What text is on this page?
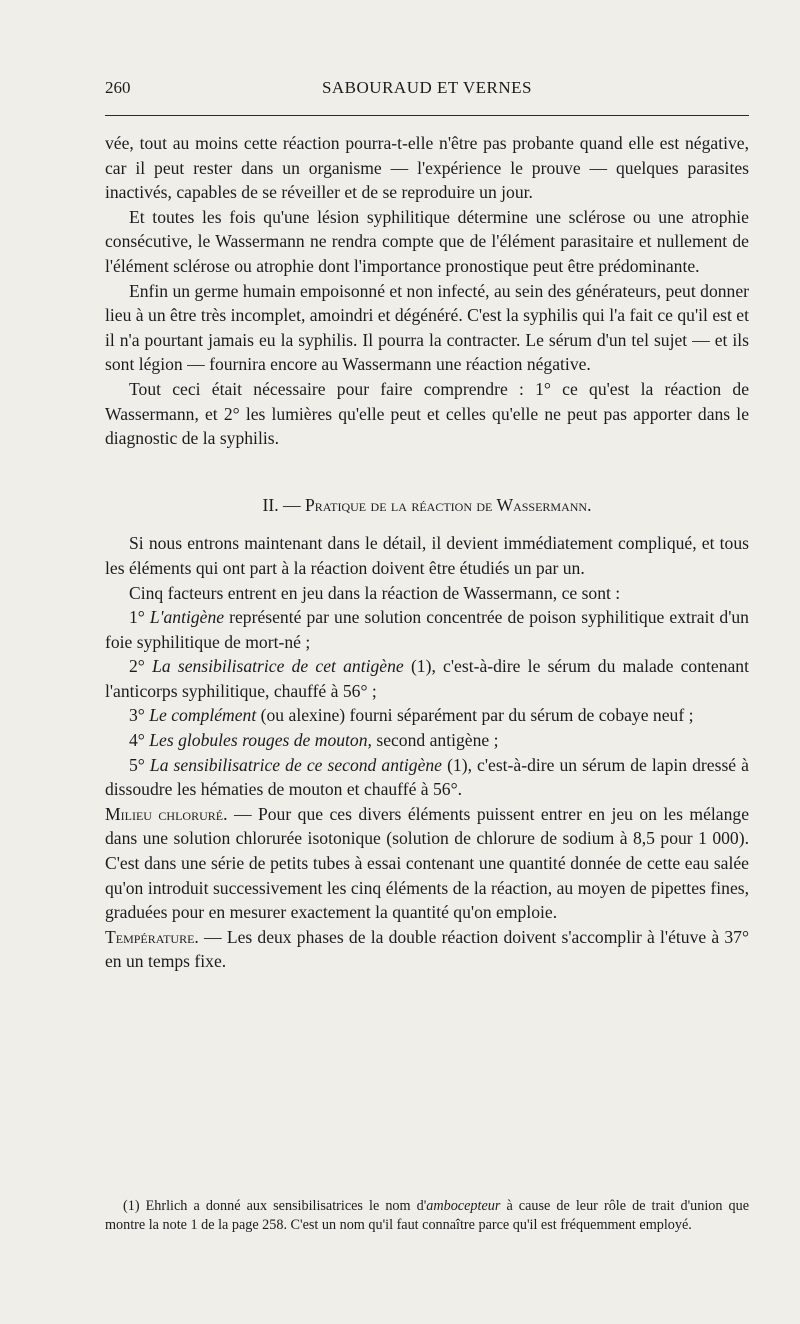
260	SABOURAUD ET VERNES

vée, tout au moins cette réaction pourra-t-elle n'être pas probante quand elle est négative, car il peut rester dans un organisme — l'expérience le prouve — quelques parasites inactivés, capables de se réveiller et de se reproduire un jour.

Et toutes les fois qu'une lésion syphilitique détermine une sclérose ou une atrophie consécutive, le Wassermann ne rendra compte que de l'élément parasitaire et nullement de l'élément sclérose ou atrophie dont l'importance pronostique peut être prédominante.

Enfin un germe humain empoisonné et non infecté, au sein des générateurs, peut donner lieu à un être très incomplet, amoindri et dégénéré. C'est la syphilis qui l'a fait ce qu'il est et il n'a pourtant jamais eu la syphilis. Il pourra la contracter. Le sérum d'un tel sujet — et ils sont légion — fournira encore au Wassermann une réaction négative.

Tout ceci était nécessaire pour faire comprendre : 1° ce qu'est la réaction de Wassermann, et 2° les lumières qu'elle peut et celles qu'elle ne peut pas apporter dans le diagnostic de la syphilis.

II. — Pratique de la réaction de Wassermann.

Si nous entrons maintenant dans le détail, il devient immédiatement compliqué, et tous les éléments qui ont part à la réaction doivent être étudiés un par un.

Cinq facteurs entrent en jeu dans la réaction de Wassermann, ce sont :

1° L'antigène représenté par une solution concentrée de poison syphilitique extrait d'un foie syphilitique de mort-né ;

2° La sensibilisatrice de cet antigène (1), c'est-à-dire le sérum du malade contenant l'anticorps syphilitique, chauffé à 56° ;

3° Le complément (ou alexine) fourni séparément par du sérum de cobaye neuf ;

4° Les globules rouges de mouton, second antigène ;

5° La sensibilisatrice de ce second antigène (1), c'est-à-dire un sérum de lapin dressé à dissoudre les hématies de mouton et chauffé à 56°.

Milieu chloruré. — Pour que ces divers éléments puissent entrer en jeu on les mélange dans une solution chlorurée isotonique (solution de chlorure de sodium à 8,5 pour 1 000). C'est dans une série de petits tubes à essai contenant une quantité donnée de cette eau salée qu'on introduit successivement les cinq éléments de la réaction, au moyen de pipettes fines, graduées pour en mesurer exactement la quantité qu'on emploie.

Température. — Les deux phases de la double réaction doivent s'accomplir à l'étuve à 37° en un temps fixe.

(1) Ehrlich a donné aux sensibilisatrices le nom d'ambocepteur à cause de leur rôle de trait d'union que montre la note 1 de la page 258. C'est un nom qu'il faut connaître parce qu'il est fréquemment employé.
